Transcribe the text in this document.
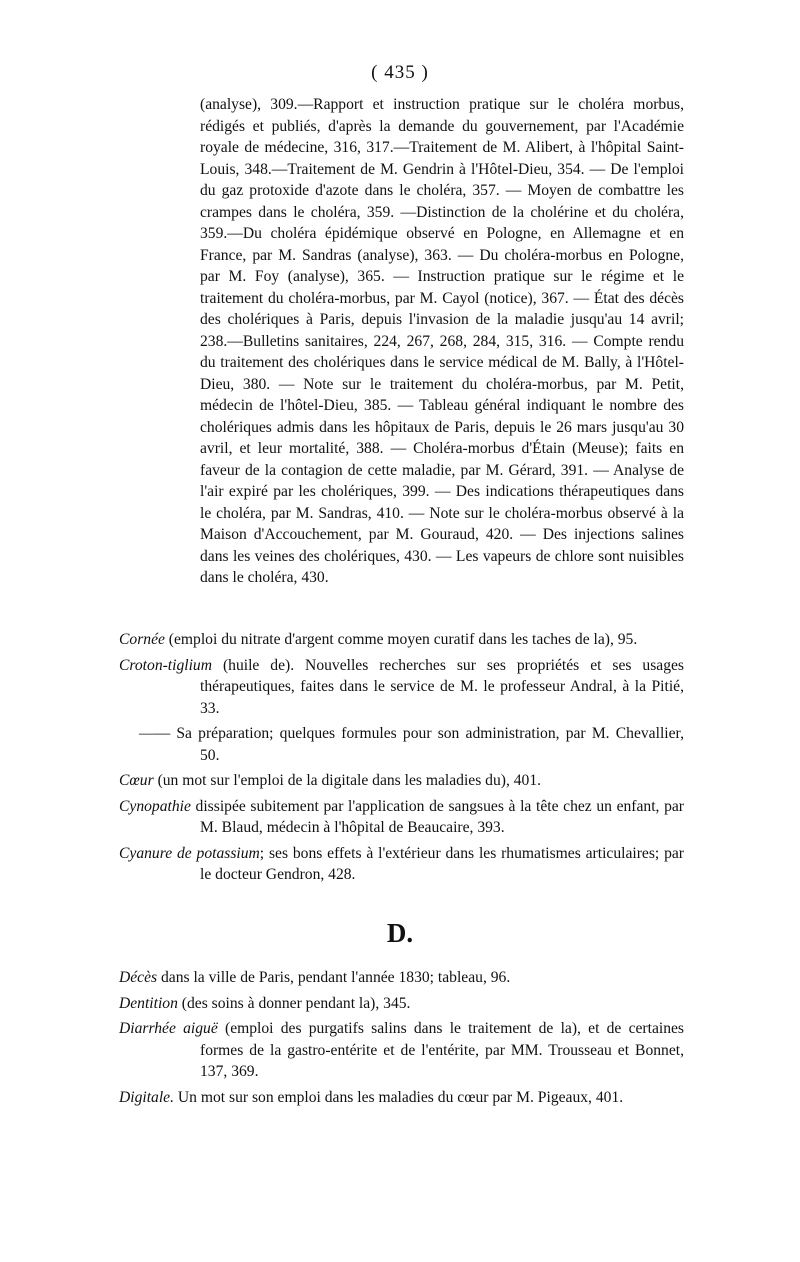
( 435 )

(analyse), 309.—Rapport et instruction pratique sur le choléra morbus, rédigés et publiés, d'après la demande du gouvernement, par l'Académie royale de médecine, 316, 317.—Traitement de M. Alibert, à l'hôpital Saint-Louis, 348.—Traitement de M. Gendrin à l'Hôtel-Dieu, 354. — De l'emploi du gaz protoxide d'azote dans le choléra, 357. — Moyen de combattre les crampes dans le choléra, 359. —Distinction de la cholérine et du choléra, 359.—Du choléra épidémique observé en Pologne, en Allemagne et en France, par M. Sandras (analyse), 363. — Du choléra-morbus en Pologne, par M. Foy (analyse), 365. — Instruction pratique sur le régime et le traitement du choléra-morbus, par M. Cayol (notice), 367. — État des décès des cholériques à Paris, depuis l'invasion de la maladie jusqu'au 14 avril; 238.—Bulletins sanitaires, 224, 267, 268, 284, 315, 316. — Compte rendu du traitement des cholériques dans le service médical de M. Bally, à l'Hôtel-Dieu, 380. — Note sur le traitement du choléra-morbus, par M. Petit, médecin de l'hôtel-Dieu, 385. — Tableau général indiquant le nombre des cholériques admis dans les hôpitaux de Paris, depuis le 26 mars jusqu'au 30 avril, et leur mortalité, 388. — Choléra-morbus d'Étain (Meuse); faits en faveur de la contagion de cette maladie, par M. Gérard, 391. — Analyse de l'air expiré par les cholériques, 399. — Des indications thérapeutiques dans le choléra, par M. Sandras, 410. — Note sur le choléra-morbus observé à la Maison d'Accouchement, par M. Gouraud, 420. — Des injections salines dans les veines des cholériques, 430. — Les vapeurs de chlore sont nuisibles dans le choléra, 430.

Cornée (emploi du nitrate d'argent comme moyen curatif dans les taches de la), 95.

Croton-tiglium (huile de). Nouvelles recherches sur ses propriétés et ses usages thérapeutiques, faites dans le service de M. le professeur Andral, à la Pitié, 33.

—— Sa préparation; quelques formules pour son administration, par M. Chevallier, 50.

Cœur (un mot sur l'emploi de la digitale dans les maladies du), 401.

Cynopathie dissipée subitement par l'application de sangsues à la tête chez un enfant, par M. Blaud, médecin à l'hôpital de Beaucaire, 393.

Cyanure de potassium; ses bons effets à l'extérieur dans les rhumatismes articulaires; par le docteur Gendron, 428.

D.

Décès dans la ville de Paris, pendant l'année 1830; tableau, 96.

Dentition (des soins à donner pendant la), 345.

Diarrhée aiguë (emploi des purgatifs salins dans le traitement de la), et de certaines formes de la gastro-entérite et de l'entérite, par MM. Trousseau et Bonnet, 137, 369.

Digitale. Un mot sur son emploi dans les maladies du cœur par M. Pigeaux, 401.
